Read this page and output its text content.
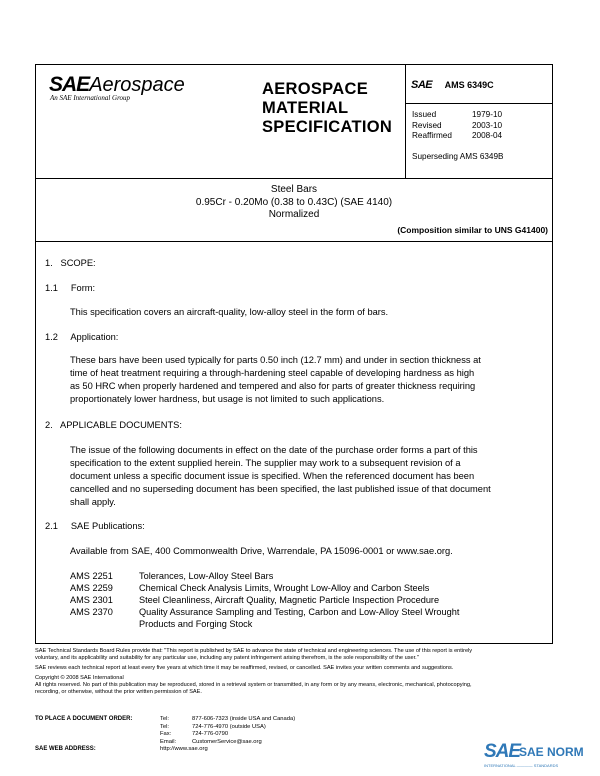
SAEAerospace
An SAE International Group	AEROSPACE
MATERIAL
SPECIFICATION
SAE AMS 6349C
Issued	1979-10
Revised	2003-10
Reaffirmed 2008-04
Superseding AMS 6349B
Steel Bars
0.95Cr - 0.20Mo (0.38 to 0.43C) (SAE 4140)
Normalized
(Composition similar to UNS G41400)
1.   SCOPE:
1.1     Form:
This specification covers an aircraft-quality, low-alloy steel in the form of bars.
1.2     Application:
These bars have been used typically for parts 0.50 inch (12.7 mm) and under in section thickness at
time of heat treatment requiring a through-hardening steel capable of developing hardness as high
as 50 HRC when properly hardened and tempered and also for parts of greater thickness requiring
proportionately lower hardness, but usage is not limited to such applications.
2.   APPLICABLE DOCUMENTS:
The issue of the following documents in effect on the date of the purchase order forms a part of this
specification to the extent supplied herein. The supplier may work to a subsequent revision of a
document unless a specific document issue is specified. When the referenced document has been
cancelled and no superseding document has been specified, the last published issue of that document
shall apply.
2.1     SAE Publications:
Available from SAE, 400 Commonwealth Drive, Warrendale, PA 15096-0001 or www.sae.org.
AMS 2251	Tolerances, Low-Alloy Steel Bars
AMS 2259	Chemical Check Analysis Limits, Wrought Low-Alloy and Carbon Steels
AMS 2301	Steel Cleanliness, Aircraft Quality, Magnetic Particle Inspection Procedure
AMS 2370	Quality Assurance Sampling and Testing, Carbon and Low-Alloy Steel Wrought
Products and Forging Stock
SAE Technical Standards Board Rules provide that: "This report is published by SAE to advance the state of technical and engineering sciences. The use of this report is entirely
voluntary, and its applicability and suitability for any particular use, including any patent infringement arising therefrom, is the sole responsibility of the user."
SAE reviews each technical report at least every five years at which time it may be reaffirmed, revised, or cancelled. SAE invites your written comments and suggestions.
Copyright © 2008 SAE International
All rights reserved. No part of this publication may be reproduced, stored in a retrieval system or transmitted, in any form or by any means, electronic, mechanical, photocopying,
recording, or otherwise, without the prior written permission of SAE.
TO PLACE A DOCUMENT ORDER:
SAE WEB ADDRESS:
Tel:	877-606-7323 (inside USA and Canada)
Tel:	724-776-4970 (outside USA)
Fax:	724-776-0790
Email:	CustomerService@sae.org
http://www.sae.org	SAE
SAE NORM
INTERNATIONAL ———— STANDARDS
